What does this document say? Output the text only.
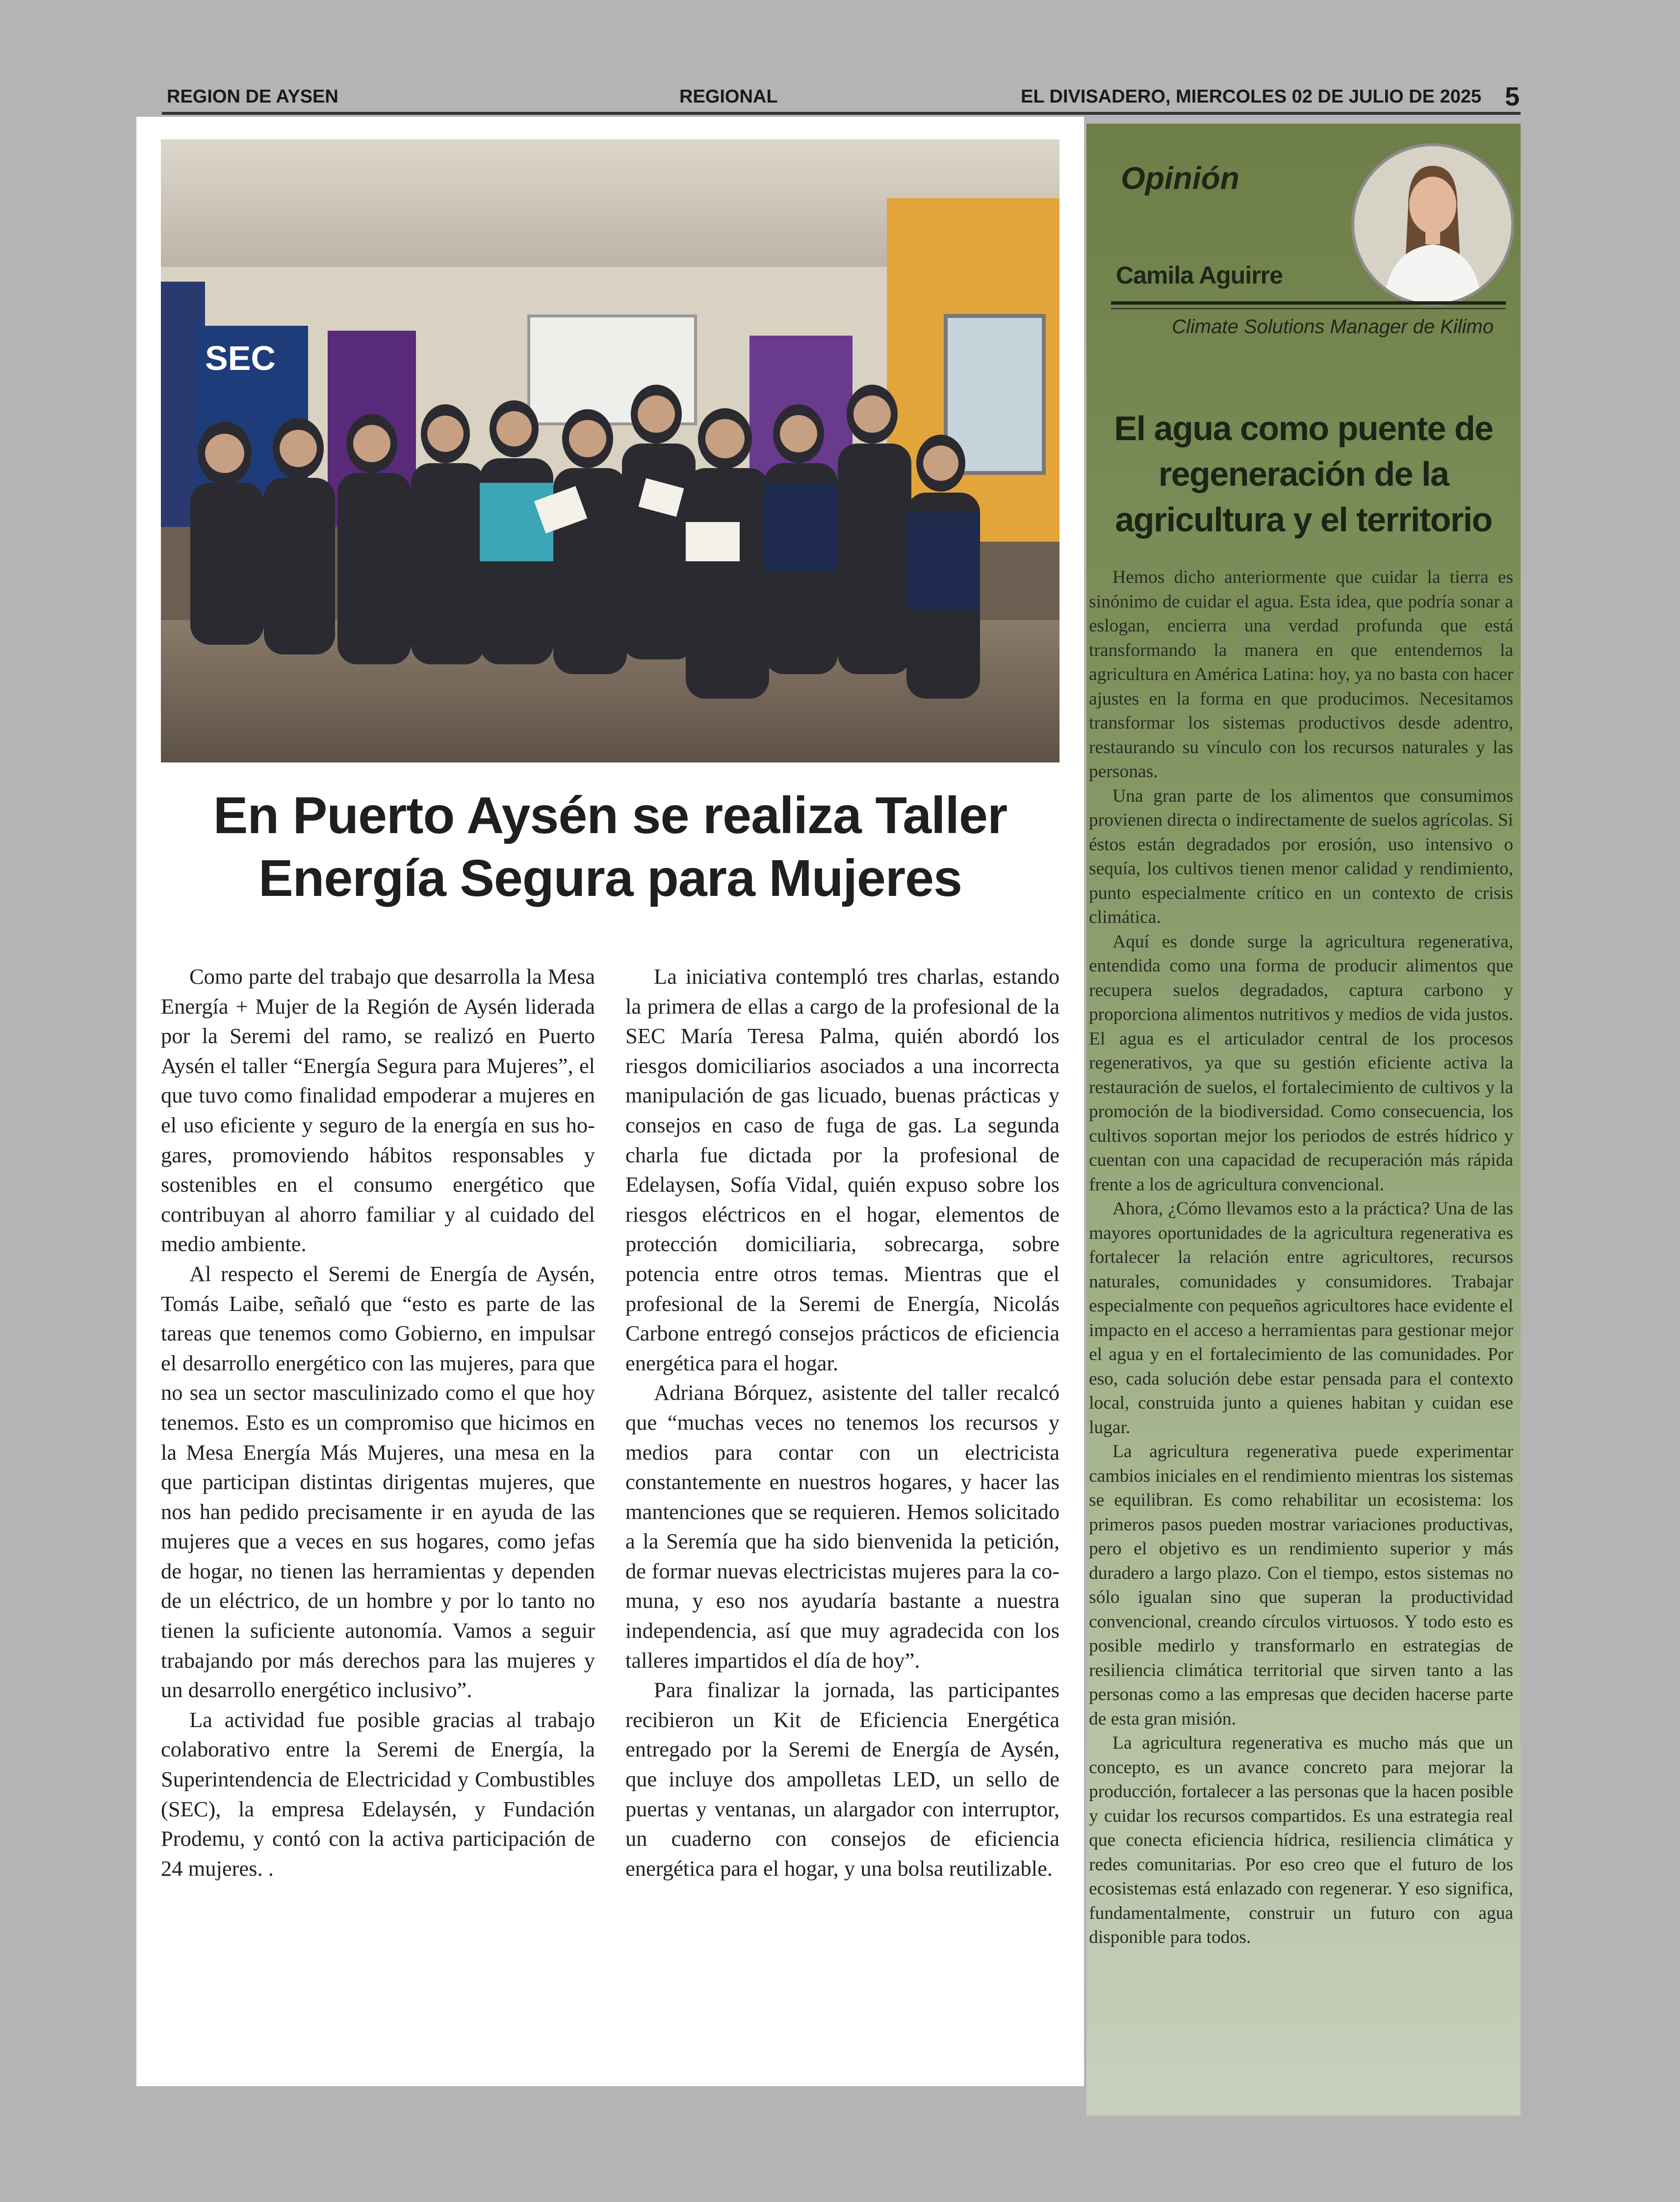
REGION DE AYSEN	REGIONAL	EL DIVISADERO, MIERCOLES 02 DE JULIO DE 2025 5
SEC
En Puerto Aysén se realiza Taller Energía Segura para Mujeres

Como parte del trabajo que desarrolla la Mesa Energía + Mujer de la Región de Aysén liderada por la Seremi del ramo, se realizó en Puerto Aysén el taller “Energía Segura para Mujeres”, el que tuvo como finalidad empoderar a mujeres en el uso eficiente y seguro de la energía en sus hogares, promoviendo hábitos responsables y sostenibles en el consumo energético que contribuyan al ahorro familiar y al cuidado del medio ambiente.

Al respecto el Seremi de Energía de Aysén, Tomás Laibe, señaló que “esto es parte de las tareas que tenemos como Gobierno, en impulsar el desarrollo energético con las mujeres, para que no sea un sector masculinizado como el que hoy tenemos. Esto es un compromiso que hicimos en la Mesa Energía Más Mujeres, una mesa en la que participan distintas dirigentas mujeres, que nos han pedido precisamente ir en ayuda de las mujeres que a veces en sus hogares, como jefas de hogar, no tienen las herramientas y dependen de un eléctrico, de un hombre y por lo tanto no tienen la suficiente autonomía. Vamos a seguir trabajando por más derechos para las mujeres y un desarrollo energético inclusivo”.

La actividad fue posible gracias al trabajo colaborativo entre la Seremi de Energía, la Superintendencia de Electricidad y Combustibles (SEC), la empresa Edelaysén, y Fundación Prodemu, y contó con la activa participación de 24 mujeres. .

La iniciativa contempló tres charlas, estando la primera de ellas a cargo de la profesional de la SEC María Teresa Palma, quién abordó los riesgos domiciliarios asociados a una incorrecta manipulación de gas licuado, buenas prácticas y consejos en caso de fuga de gas. La segunda charla fue dictada por la profesional de Edelaysen, Sofía Vidal, quién expuso sobre los riesgos eléctricos en el hogar, elementos de protección domiciliaria, sobrecarga, sobre potencia entre otros temas. Mientras que el profesional de la Seremi de Energía, Nicolás Carbone entregó consejos prácticos de eficiencia energética para el hogar.

Adriana Bórquez, asistente del taller recalcó que “muchas veces no tenemos los recursos y medios para contar con un electricista constantemente en nuestros hogares, y hacer las mantenciones que se requieren. Hemos solicitado a la Seremía que ha sido bienvenida la petición, de formar nuevas electricistas mujeres para la comuna, y eso nos ayudaría bastante a nuestra independencia, así que muy agradecida con los talleres impartidos el día de hoy”.

Para finalizar la jornada, las participantes recibieron un Kit de Eficiencia Energética entregado por la Seremi de Energía de Aysén, que incluye dos ampolletas LED, un sello de puertas y ventanas, un alargador con interruptor, un cuaderno con consejos de eficiencia energética para el hogar, y una bolsa reutilizable.

Opinión
Camila Aguirre
Climate Solutions Manager de Kilimo
El agua como puente de regeneración de la agricultura y el territorio

Hemos dicho anteriormente que cuidar la tierra es sinónimo de cuidar el agua. Esta idea, que podría sonar a eslogan, encierra una verdad profunda que está transformando la manera en que entendemos la agricultura en América Latina: hoy, ya no basta con hacer ajustes en la forma en que producimos. Necesitamos transformar los sistemas productivos desde adentro, restaurando su vínculo con los recursos naturales y las personas.

Una gran parte de los alimentos que consumimos provienen directa o indirectamente de suelos agrícolas. Si éstos están degradados por erosión, uso intensivo o sequía, los cultivos tienen menor calidad y rendimiento, punto especialmente crítico en un contexto de crisis climática.

Aquí es donde surge la agricultura regenerativa, entendida como una forma de producir alimentos que recupera suelos degradados, captura carbono y proporciona alimentos nutritivos y medios de vida justos. El agua es el articulador central de los procesos regenerativos, ya que su gestión eficiente activa la restauración de suelos, el fortalecimiento de cultivos y la promoción de la biodiversidad. Como consecuencia, los cultivos soportan mejor los periodos de estrés hídrico y cuentan con una capacidad de recuperación más rápida frente a los de agricultura convencional.

Ahora, ¿Cómo llevamos esto a la práctica? Una de las mayores oportunidades de la agricultura regenerativa es fortalecer la relación entre agricultores, recursos naturales, comunidades y consumidores. Trabajar especialmente con pequeños agricultores hace evidente el impacto en el acceso a herramientas para gestionar mejor el agua y en el fortalecimiento de las comunidades. Por eso, cada solución debe estar pensada para el contexto local, construida junto a quienes habitan y cuidan ese lugar.

La agricultura regenerativa puede experimentar cambios iniciales en el rendimiento mientras los sistemas se equilibran. Es como rehabilitar un ecosistema: los primeros pasos pueden mostrar variaciones productivas, pero el objetivo es un rendimiento superior y más duradero a largo plazo. Con el tiempo, estos sistemas no sólo igualan sino que superan la productividad convencional, creando círculos virtuosos. Y todo esto es posible medirlo y transformarlo en estrategias de resiliencia climática territorial que sirven tanto a las personas como a las empresas que deciden hacerse parte de esta gran misión.

La agricultura regenerativa es mucho más que un concepto, es un avance concreto para mejorar la producción, fortalecer a las personas que la hacen posible y cuidar los recursos compartidos. Es una estrategia real que conecta eficiencia hídrica, resiliencia climática y redes comunitarias. Por eso creo que el futuro de los ecosistemas está enlazado con regenerar. Y eso significa, fundamentalmente, construir un futuro con agua disponible para todos.
